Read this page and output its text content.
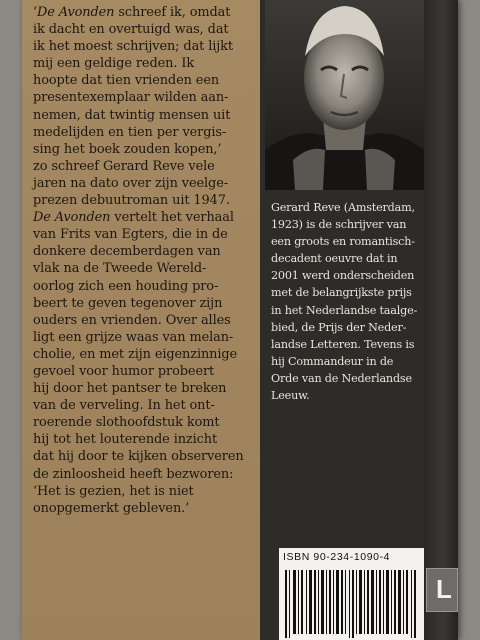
‘De Avonden schreef ik, omdat
ik dacht en overtuigd was, dat
ik het moest schrijven; dat lijkt
mij een geldige reden. Ik
hoopte dat tien vrienden een
presentexemplaar wilden aan-
nemen, dat twintig mensen uit
medelijden en tien per vergis-
sing het boek zouden kopen,’
zo schreef Gerard Reve vele
jaren na dato over zijn veelge-
prezen debuutroman uit 1947.
De Avonden vertelt het verhaal
van Frits van Egters, die in de
donkere decemberdagen van
vlak na de Tweede Wereld-
oorlog zich een houding pro-
beert te geven tegenover zijn
ouders en vrienden. Over alles
ligt een grijze waas van melan-
cholie, en met zijn eigenzinnige
gevoel voor humor probeert
hij door het pantser te breken
van de verveling. In het ont-
roerende slothoofdstuk komt
hij tot het louterende inzicht
dat hij door te kijken observeren
de zinloosheid heeft bezworen:
‘Het is gezien, het is niet
onopgemerkt gebleven.’
Gerard Reve (Amsterdam,
1923) is de schrijver van
een groots en romantisch-
decadent oeuvre dat in
2001 werd onderscheiden
met de belangrijkste prijs
in het Nederlandse taalge-
bied, de Prijs der Neder-
landse Letteren. Tevens is
hij Commandeur in de
Orde van de Nederlandse
Leeuw.
ISBN 90-234-1090-4
L
